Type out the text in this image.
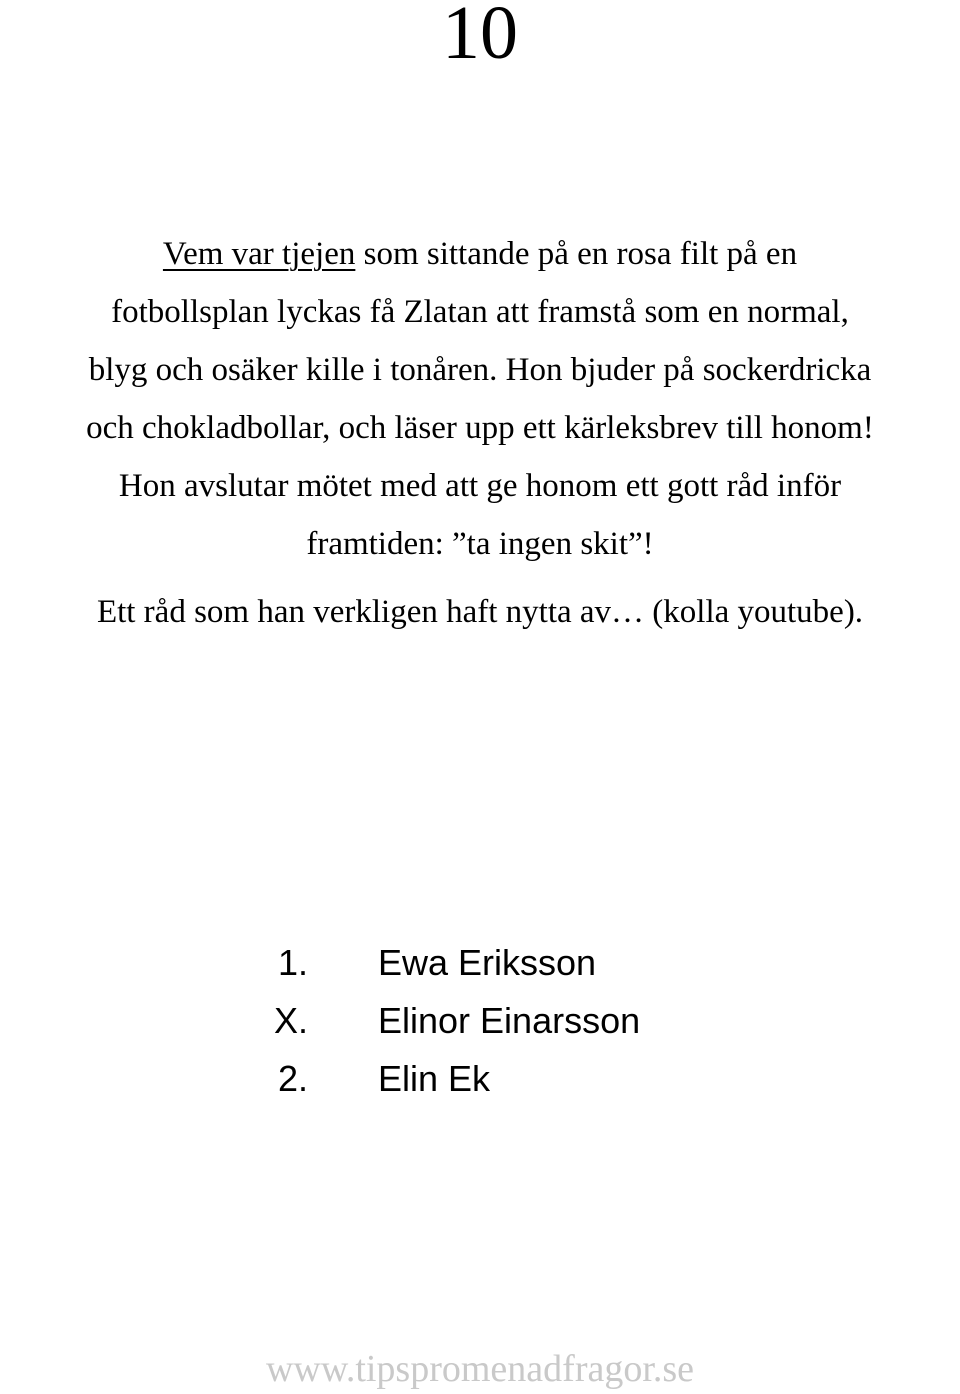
10
Vem var tjejen som sittande på en rosa filt på en
fotbollsplan lyckas få Zlatan att framstå som en normal,
blyg och osäker kille i tonåren. Hon bjuder på sockerdricka
och chokladbollar, och läser upp ett kärleksbrev till honom!
Hon avslutar mötet med att ge honom ett gott råd inför
framtiden: ”ta ingen skit”!
Ett råd som han verkligen haft nytta av… (kolla youtube).
1. Ewa Eriksson
X. Elinor Einarsson
2. Elin Ek
www.tipspromenadfragor.se
